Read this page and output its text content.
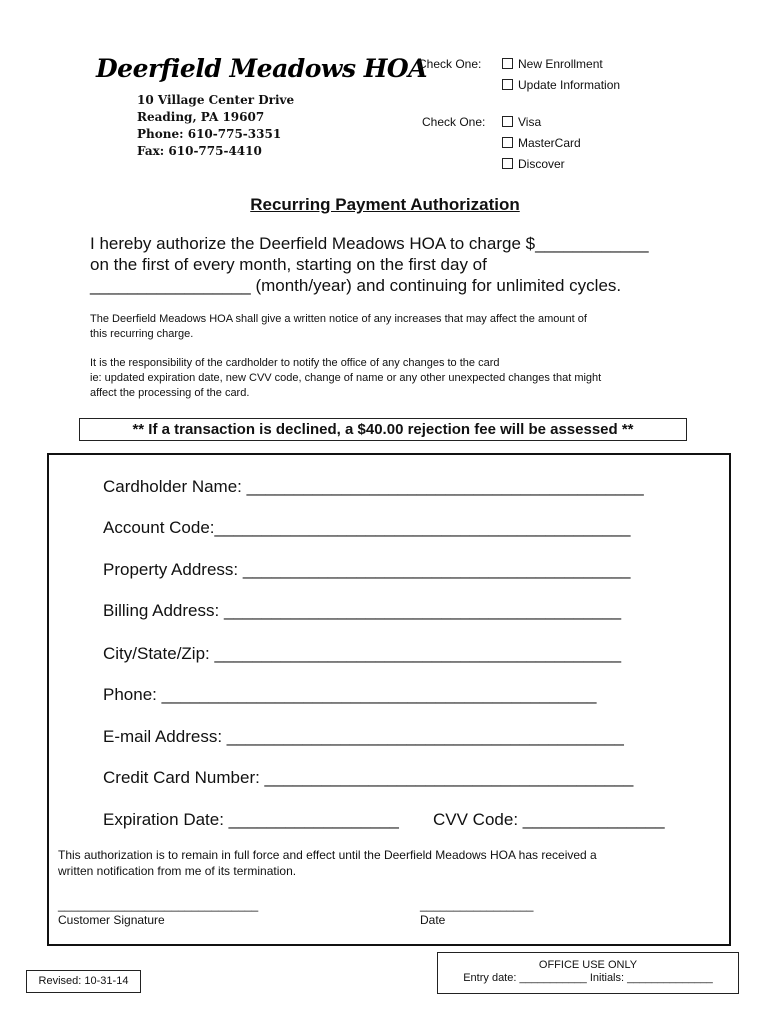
Deerfield Meadows HOA
10 Village Center Drive
Reading, PA 19607
Phone: 610-775-3351
Fax: 610-775-4410
Check One:	New Enrollment
Update Information
Check One:	Visa
MasterCard
Discover
Recurring Payment Authorization
I hereby authorize the Deerfield Meadows HOA to charge $____________
on the first of every month, starting on the first day of
_________________ (month/year) and continuing for unlimited cycles.
The Deerfield Meadows HOA shall give a written notice of any increases that may affect the amount of
this recurring charge.
It is the responsibility of the cardholder to notify the office of any changes to the card
ie: updated expiration date, new CVV code, change of name or any other unexpected changes that might
affect the processing of the card.
** If a transaction is declined, a $40.00 rejection fee will be assessed **
Cardholder Name: __________________________________________
Account Code:____________________________________________
Property Address: _________________________________________
Billing Address: __________________________________________
City/State/Zip: ___________________________________________
Phone: ______________________________________________
E-mail Address: __________________________________________
Credit Card Number: _______________________________________
Expiration Date: __________________ CVV Code: _______________
This authorization is to remain in full force and effect until the Deerfield Meadows HOA has received a
written notification from me of its termination.
______________________________
Customer Signature
_________________
Date
Revised: 10-31-14
OFFICE USE ONLY
Entry date: ___________ Initials: ______________
